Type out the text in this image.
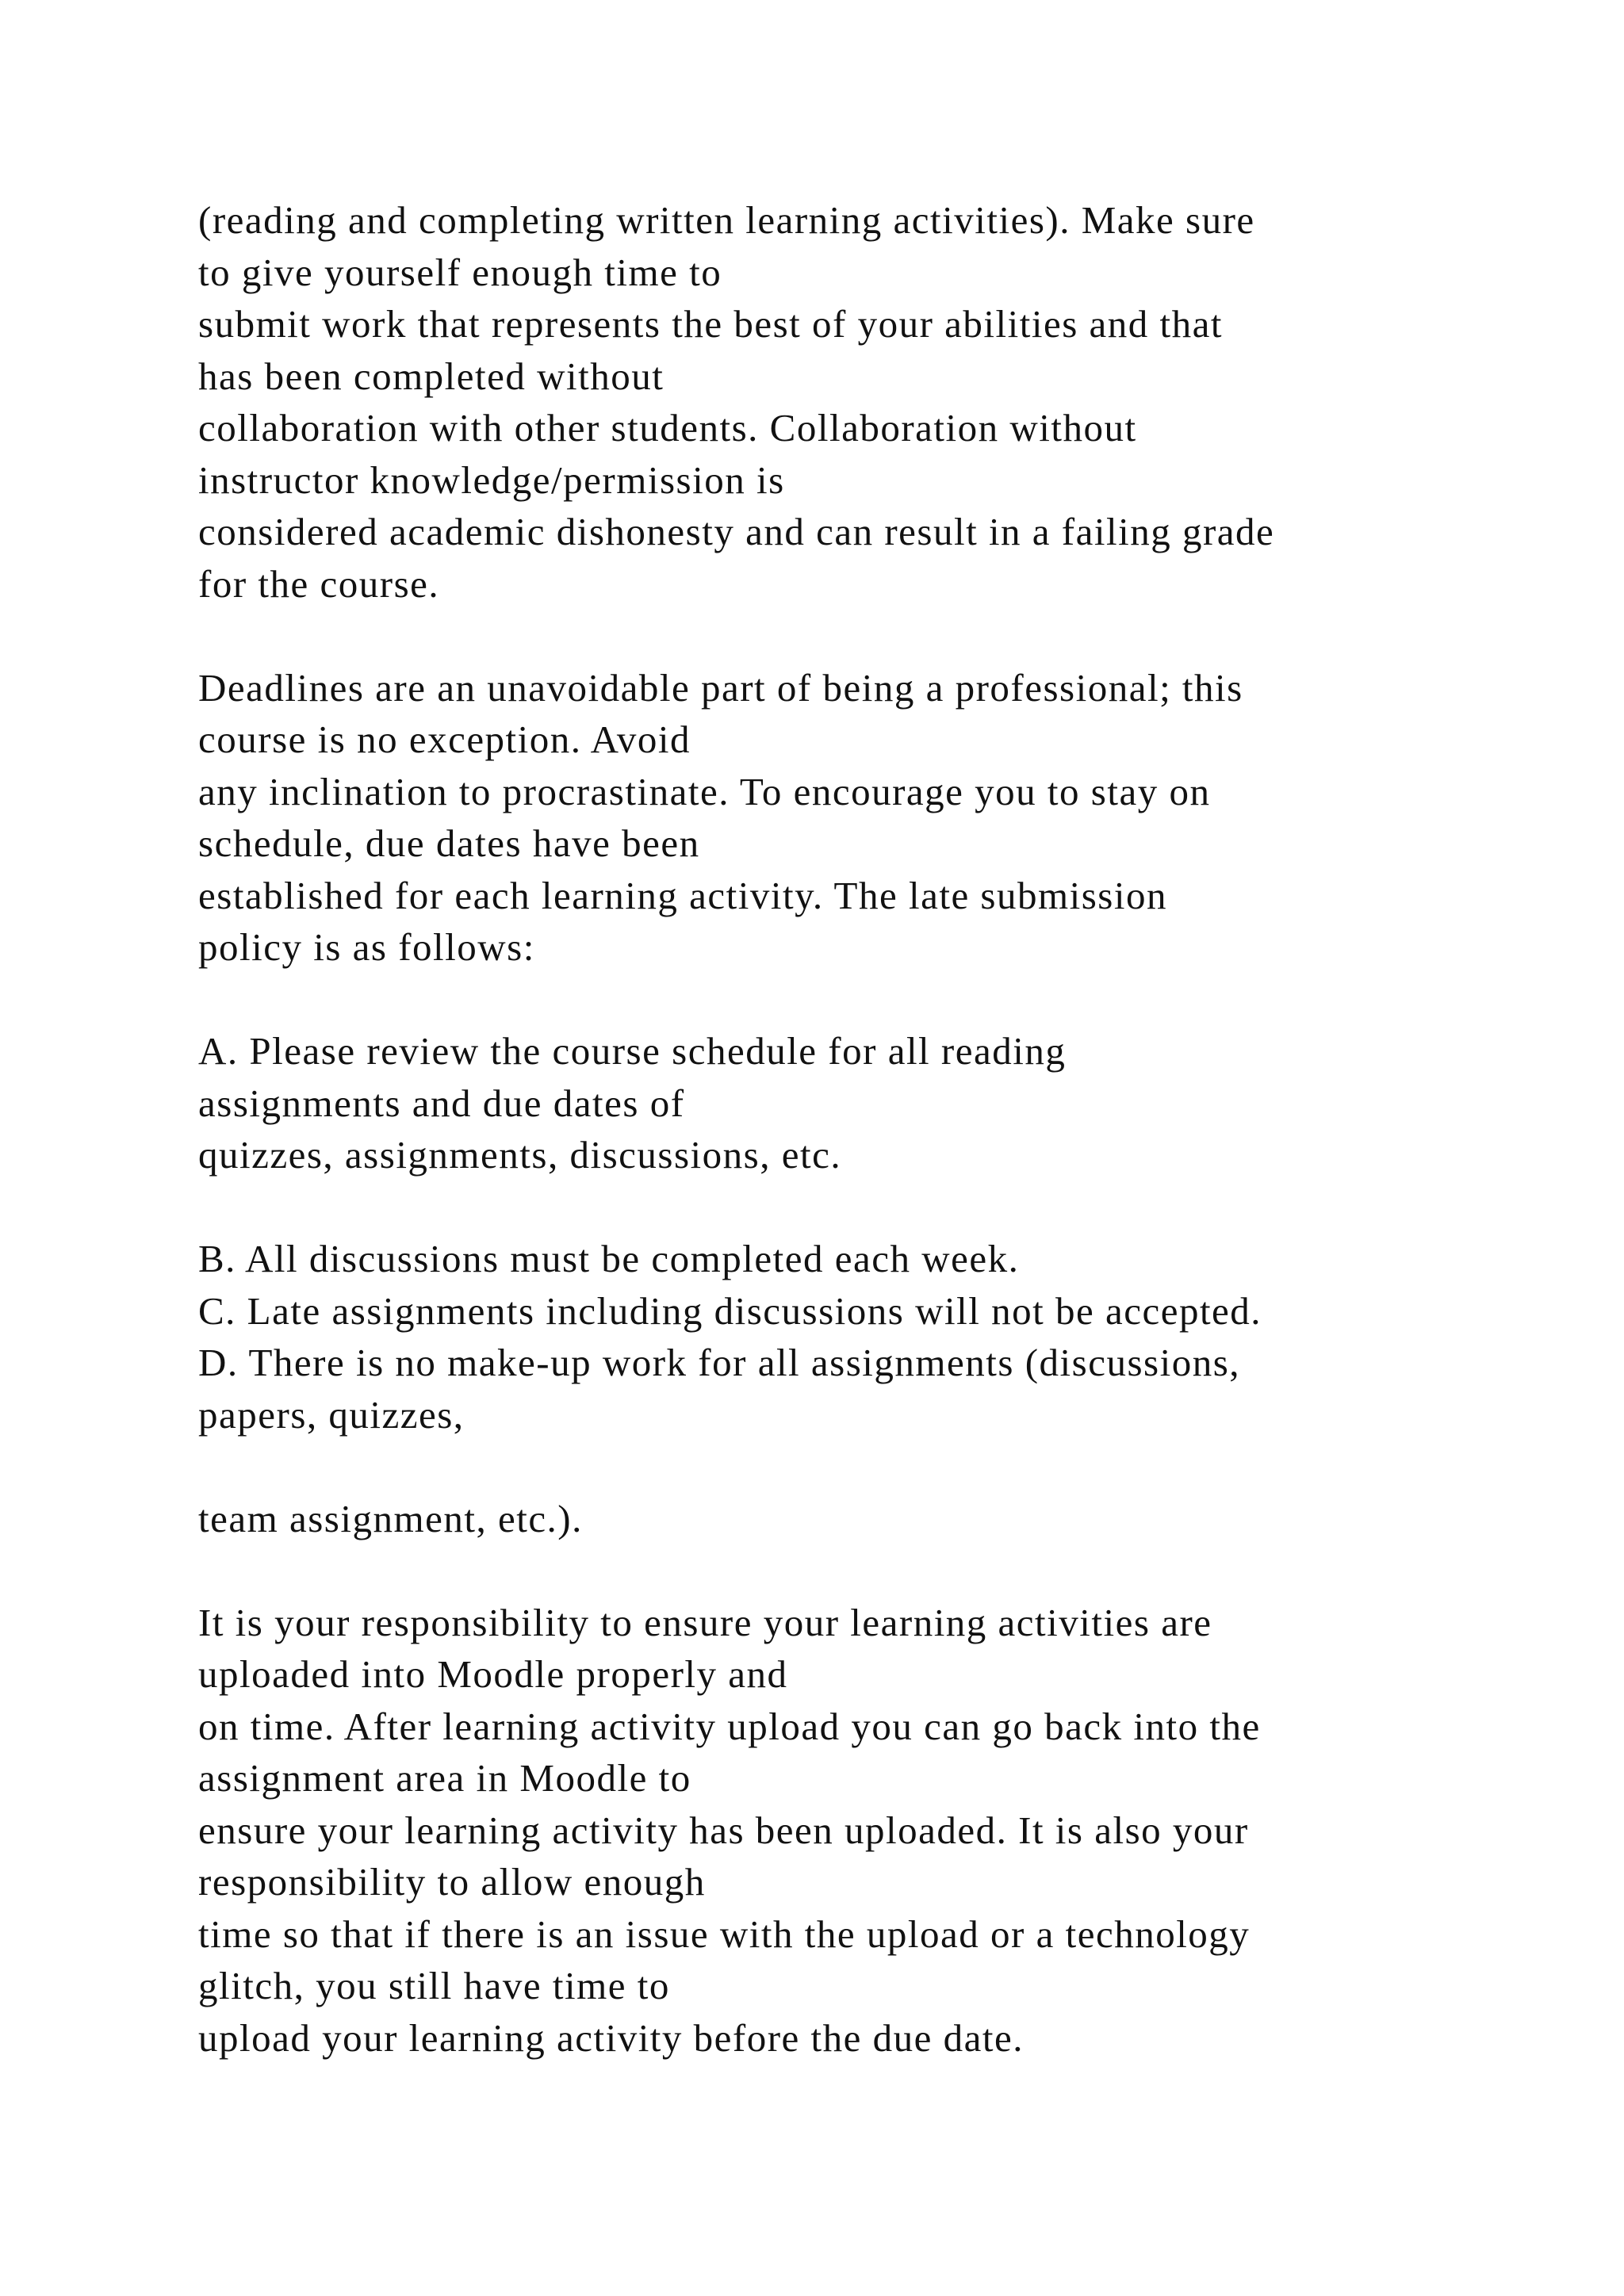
(reading and completing written learning activities). Make sure
to give yourself enough time to
submit work that represents the best of your abilities and that
has been completed without
collaboration with other students. Collaboration without
instructor knowledge/permission is
considered academic dishonesty and can result in a failing grade
for the course.
Deadlines are an unavoidable part of being a professional; this
course is no exception. Avoid
any inclination to procrastinate. To encourage you to stay on
schedule, due dates have been
established for each learning activity. The late submission
policy is as follows:
A. Please review the course schedule for all reading
assignments and due dates of
quizzes, assignments, discussions, etc.
B. All discussions must be completed each week.
C. Late assignments including discussions will not be accepted.
D. There is no make-up work for all assignments (discussions,
papers, quizzes,
team assignment, etc.).
It is your responsibility to ensure your learning activities are
uploaded into Moodle properly and
on time. After learning activity upload you can go back into the
assignment area in Moodle to
ensure your learning activity has been uploaded. It is also your
responsibility to allow enough
time so that if there is an issue with the upload or a technology
glitch, you still have time to
upload your learning activity before the due date.
